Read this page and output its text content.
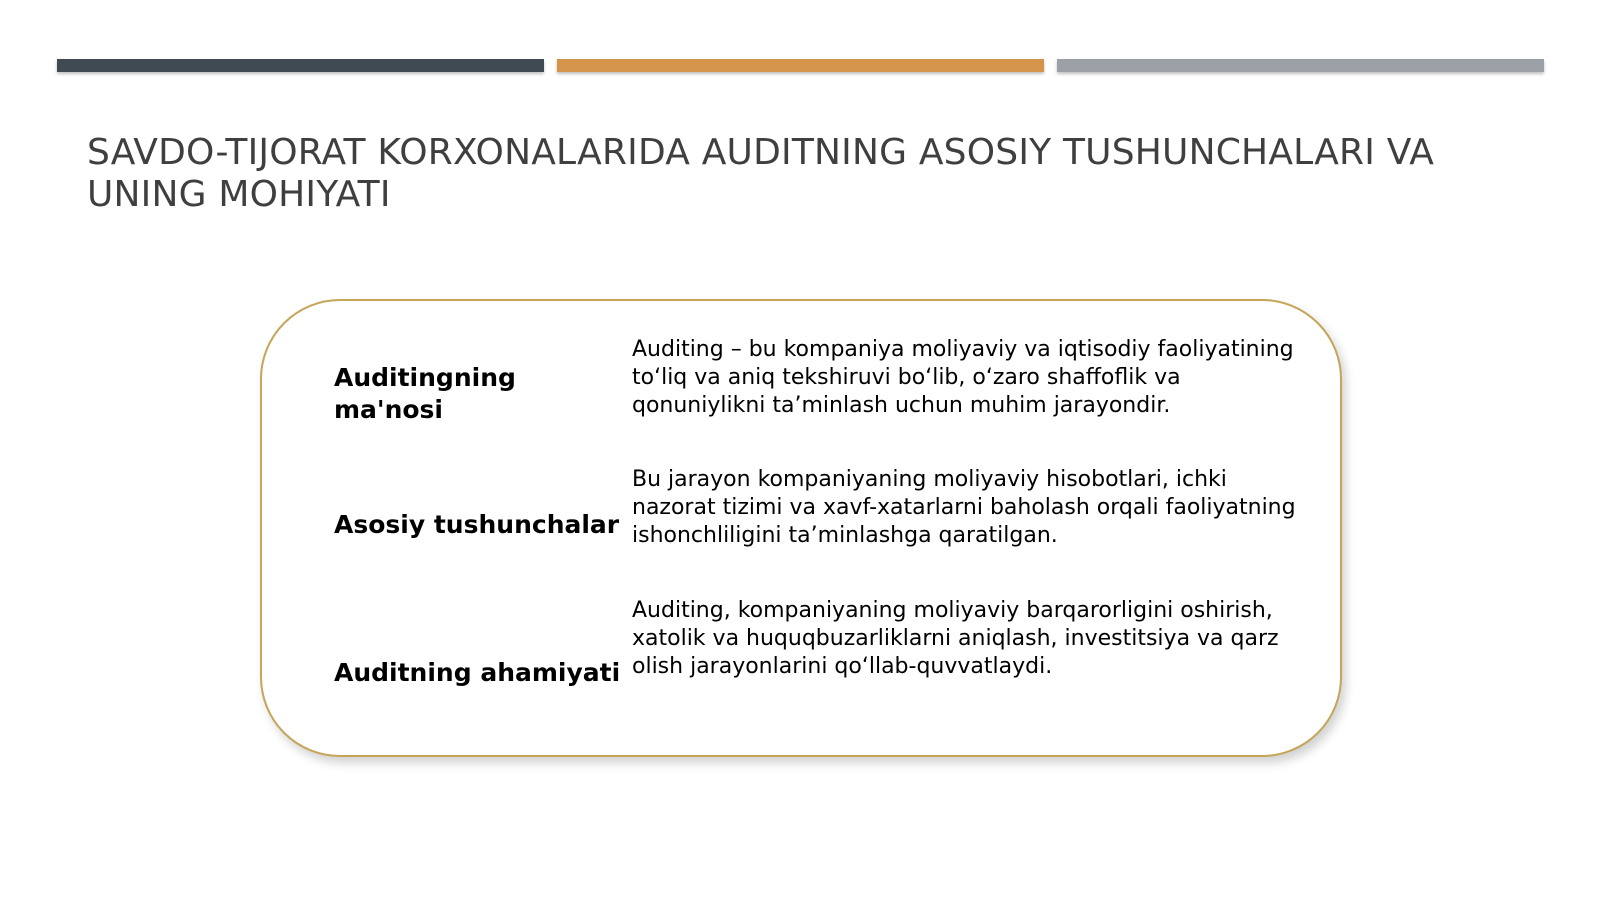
SAVDO-TIJORAT KORXONALARIDA AUDITNING ASOSIY TUSHUNCHALARI VA UNING MOHIYATI
Auditingning ma'nosi
Auditing – bu kompaniya moliyaviy va iqtisodiy faoliyatining to‘liq va aniq tekshiruvi bo‘lib, o‘zaro shaffoflik va qonuniylikni ta’minlash uchun muhim jarayondir.
Asosiy tushunchalar
Bu jarayon kompaniyaning moliyaviy hisobotlari, ichki nazorat tizimi va xavf-xatarlarni baholash orqali faoliyatning ishonchliligini ta’minlashga qaratilgan.
Auditning ahamiyati
Auditing, kompaniyaning moliyaviy barqarorligini oshirish, xatolik va huquqbuzarliklarni aniqlash, investitsiya va qarz olish jarayonlarini qo‘llab-quvvatlaydi.
